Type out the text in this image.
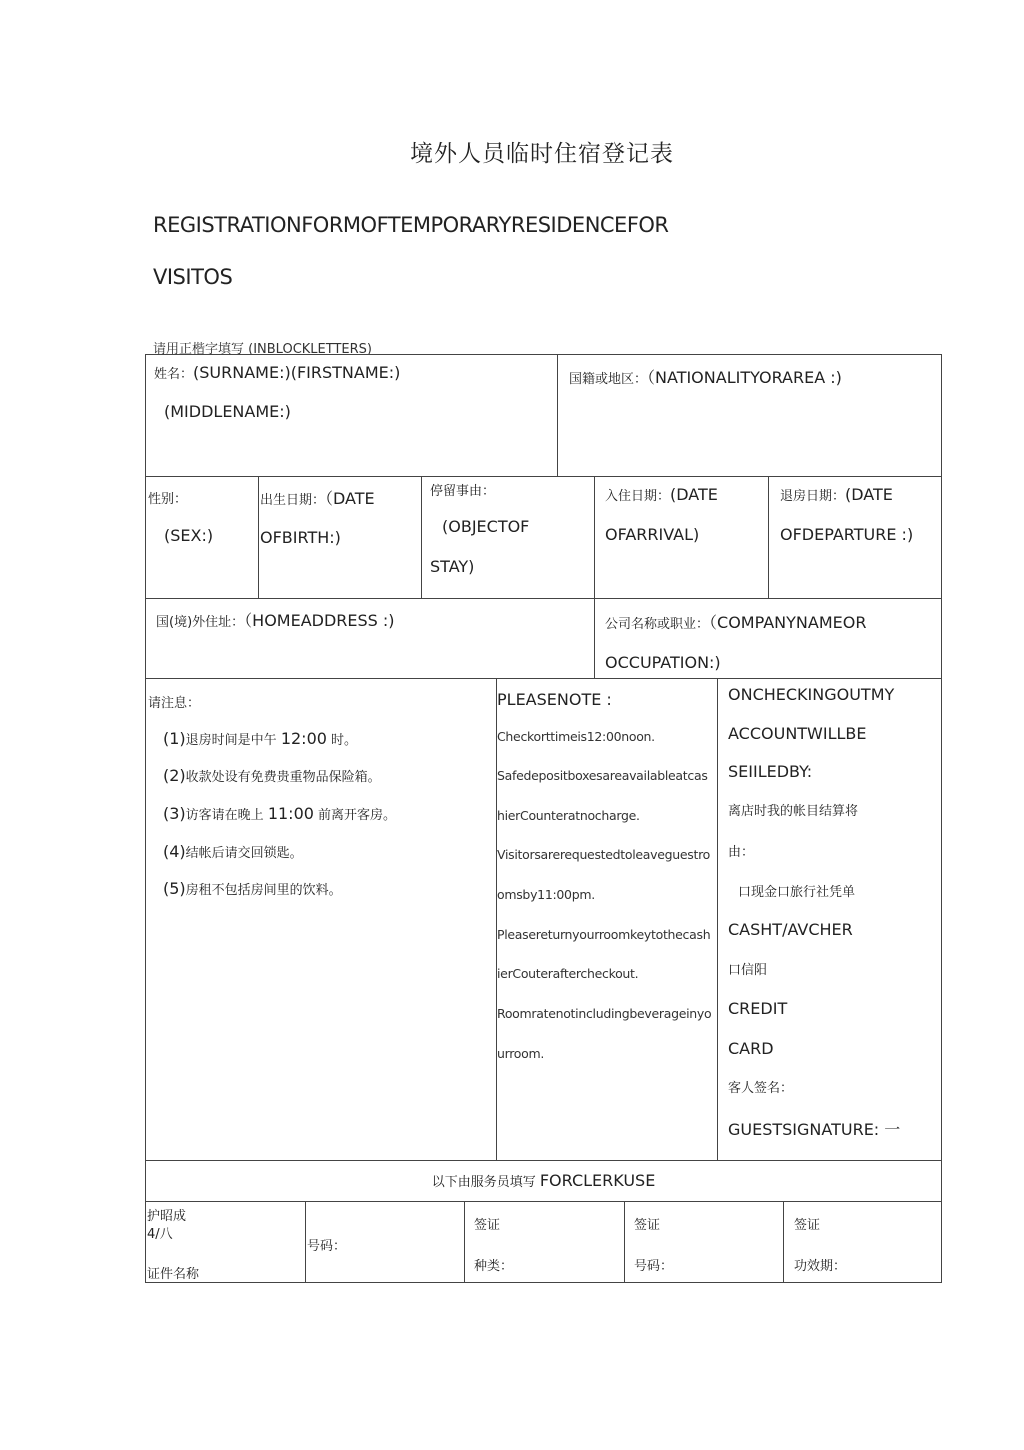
境外人员临时住宿登记表
REGISTRATIONFORMOFTEMPORARYRESIDENCEFOR
VISITOS
请用正楷字填写 (INBLOCKLETTERS)
姓名：(SURNAME:)(FIRSTNAME:)
(MIDDLENAME:)
国籍或地区：（NATIONALITYORAREA :)
性别：
(SEX:)
出生日期：（DATE
OFBIRTH:)
停留事由：
(OBJECTOF
STAY)
入住日期：(DATE
OFARRIVAL)
退房日期：(DATE
OFDEPARTURE :)
国(境)外住址：（HOMEADDRESS :)	公司名称或职业：（COMPANYNAMEOR
OCCUPATION:)
请注息：
(1)退房时间是中午 12:00 时。
(2)收款处设有免费贵重物品保险箱。
(3)访客请在晚上 11:00 前离开客房。
(4)结帐后请交回锁匙。
(5)房租不包括房间里的饮料。
PLEASENOTE :
Checkorttimeis12:00noon.
Safedepositboxesareavailableatcas
hierCounteratnocharge.
Visitorsarerequestedtoleaveguestro
omsby11:00pm.
Pleasereturnyourroomkeytothecash
ierCouteraftercheckout.
Roomratenotincludingbeverageinyo
urroom.
ONCHECKINGOUTMY
ACCOUNTWILLBE
SEIILEDBY:
离店时我的帐目结算将
由：
口现金口旅行社凭单
CASHT/AVCHER
口信阳
CREDIT
CARD
客人签名：
GUESTSIGNATURE: 一
以下由服务员填写 FORCLERKUSE
护昭成
4/八
证件名称
号码：
签证
种类：
签证
号码：
签证
功效期：
